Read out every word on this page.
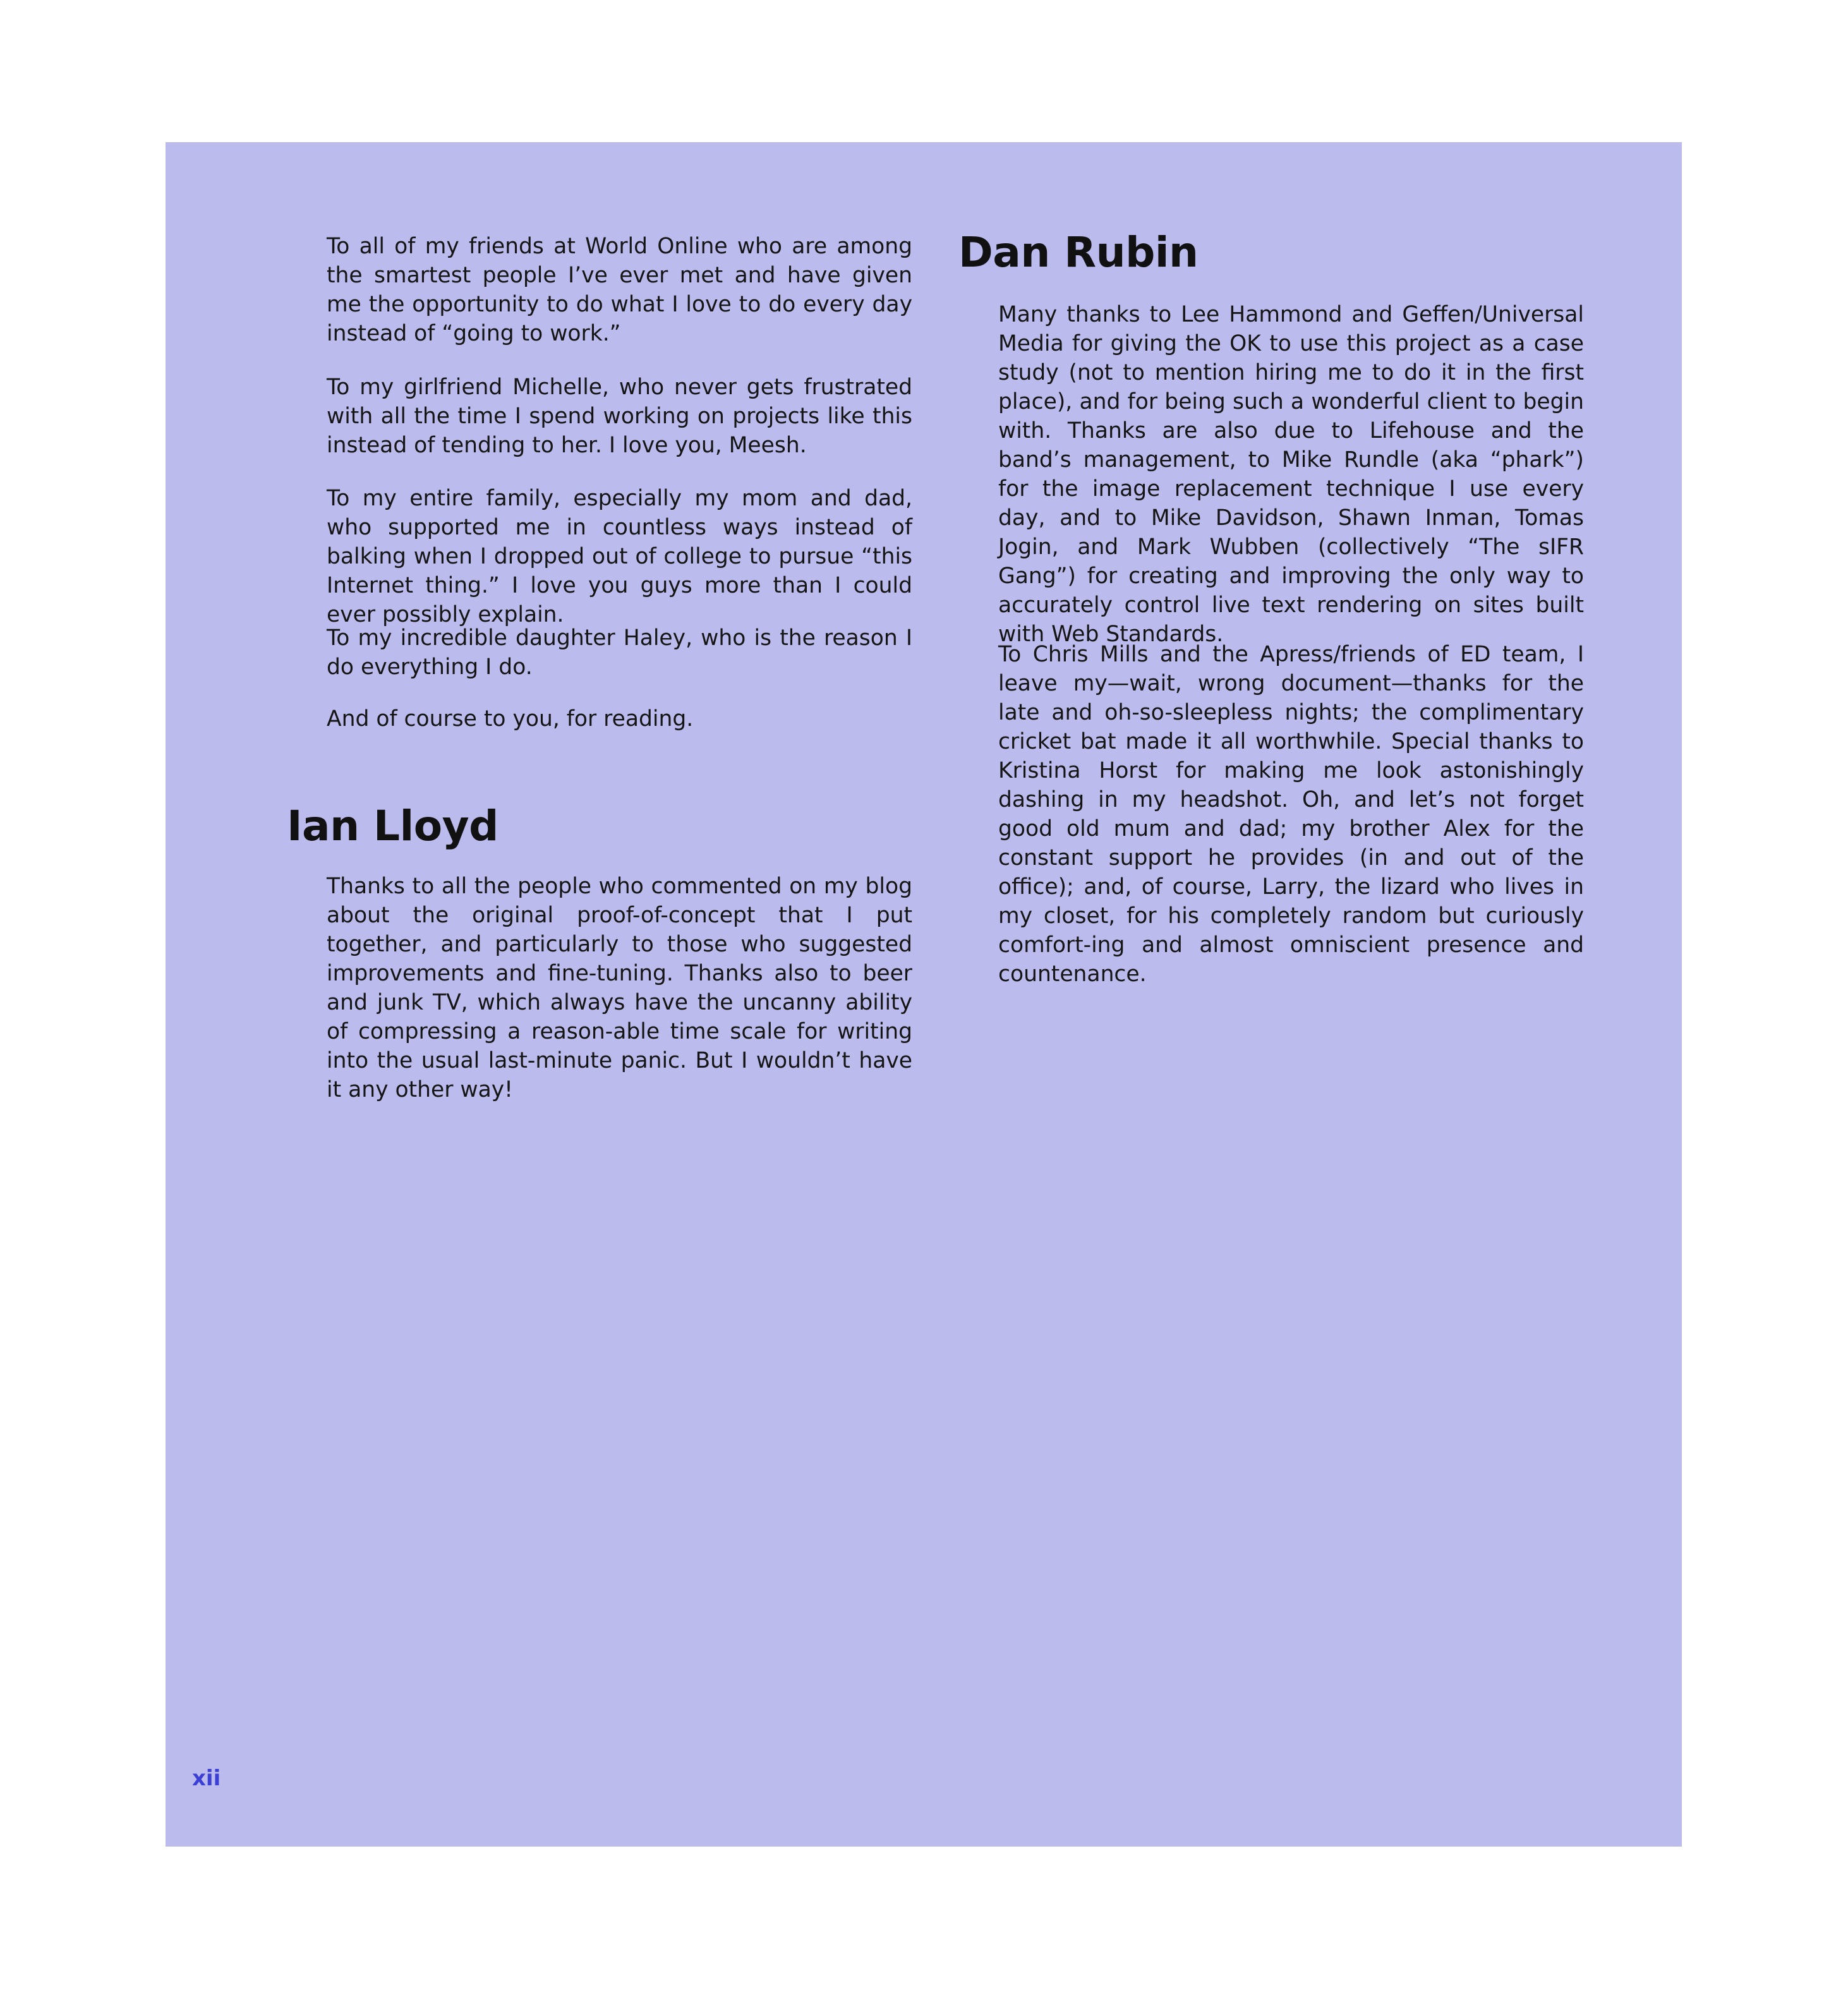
To all of my friends at World Online who are among the smartest people I’ve ever met and have given me the opportunity to do what I love to do every day instead of “going to work.”

To my girlfriend Michelle, who never gets frustrated with all the time I spend working on projects like this instead of tending to her. I love you, Meesh.

To my entire family, especially my mom and dad, who supported me in countless ways instead of balking when I dropped out of college to pursue “this Internet thing.” I love you guys more than I could ever possibly explain.

To my incredible daughter Haley, who is the reason I do everything I do.

And of course to you, for reading.

Ian Lloyd

Thanks to all the people who commented on my blog about the original proof-of-concept that I put together, and particularly to those who suggested improvements and fine-tuning. Thanks also to beer and junk TV, which always have the uncanny ability of compressing a reason-able time scale for writing into the usual last-minute panic. But I wouldn’t have it any other way!

Dan Rubin

Many thanks to Lee Hammond and Geffen/Universal Media for giving the OK to use this project as a case study (not to mention hiring me to do it in the first place), and for being such a wonderful client to begin with. Thanks are also due to Lifehouse and the band’s management, to Mike Rundle (aka “phark”) for the image replacement technique I use every day, and to Mike Davidson, Shawn Inman, Tomas Jogin, and Mark Wubben (collectively “The sIFR Gang”) for creating and improving the only way to accurately control live text rendering on sites built with Web Standards.

To Chris Mills and the Apress/friends of ED team, I leave my—wait, wrong document—thanks for the late and oh-so-sleepless nights; the complimentary cricket bat made it all worthwhile. Special thanks to Kristina Horst for making me look astonishingly dashing in my headshot. Oh, and let’s not forget good old mum and dad; my brother Alex for the constant support he provides (in and out of the office); and, of course, Larry, the lizard who lives in my closet, for his completely random but curiously comfort-ing and almost omniscient presence and countenance.

xii
